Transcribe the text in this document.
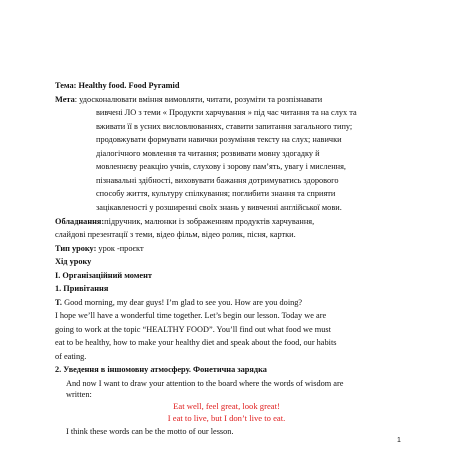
Тема: Healthy food. Food Pyramid
Мета: удосконалювати вміння вимовляти, читати, розуміти та розпізнавати
вивчені ЛО з теми « Продукти харчування » під час читання та на слух та
вживати її в усних висловлюваннях, ставити запитання загального типу;
продовжувати формувати навички розуміння тексту на слух; навички
діалогічного мовлення та читання; розвивати мовну здогадку й
мовленнєву реакцію учнів, слухову і зорову пам’ять, увагу і мислення,
пізнавальні здібності, виховувати бажання дотримуватись здорового
способу життя, культуру спілкування; поглибити знання та сприяти
зацікавленості у розширенні своїх знань у вивченні англійської мови.
Обладнання:підручник, малюнки із зображенням продуктів харчування,
слайдові презентації з теми, відео фільм, відео ролик, пісня, картки.
Тип уроку: урок -проєкт
Хід уроку
І. Організаційний момент
1. Привітання
T. Good morning, my dear guys! I’m glad to see you. How are you doing?
I hope we’ll have a wonderful time together. Let’s begin our lesson. Today we are
going to work at the topic “HEALTHY FOOD”. You’ll find out what food we must
eat to be healthy, how to make your healthy diet and speak about the food, our habits
of eating.
2. Уведення в іншомовну атмосферу. Фонетична зарядка
And now I want to draw your attention to the board where the words of wisdom are
written:
Eat well, feel great, look great!
I eat to live, but I don’t live to eat.
I think these words can be the motto of our lesson.
1
